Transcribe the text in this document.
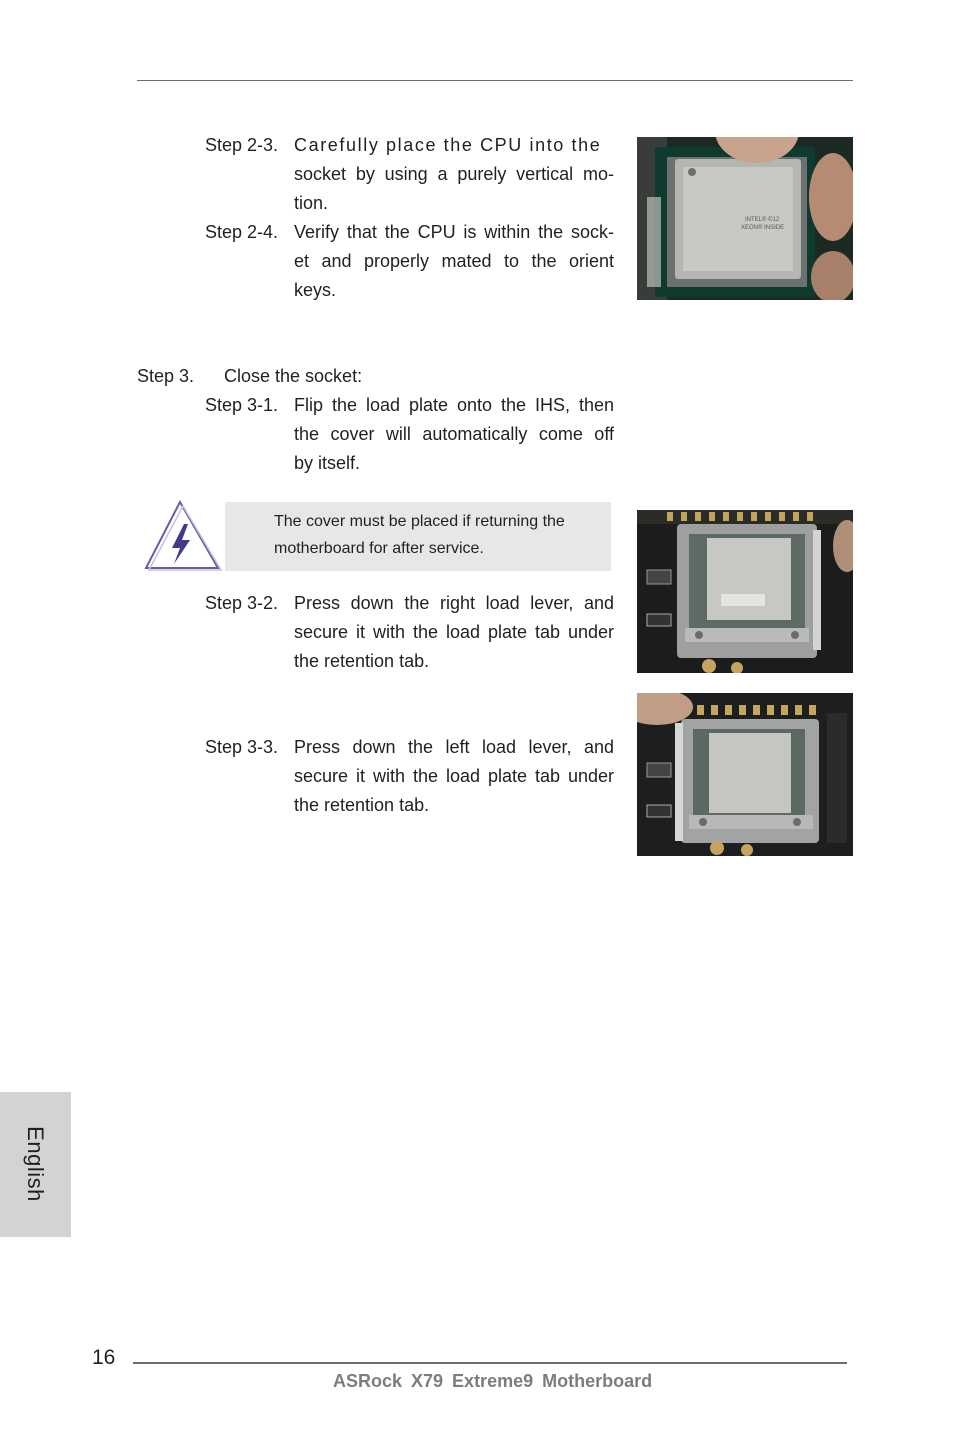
Step 2-3. Carefully place the CPU into the
socket by using a purely vertical mo-
tion.
Step 2-4. Verify that the CPU is within the sock-
et and properly mated to the orient
keys.
INTEL® ©12
XEON® INSIDE
Step 3. Close the socket:
Step 3-1. Flip the load plate onto the IHS, then
the cover will automatically come off
by itself.
The cover must be placed if returning the
motherboard for after service.
Step 3-2. Press down the right load lever, and
secure it with the load plate tab under
the retention tab.
Step 3-3. Press down the left load lever, and
secure it with the load plate tab under
the retention tab.
English
16
ASRock X79 Extreme9 Motherboard
